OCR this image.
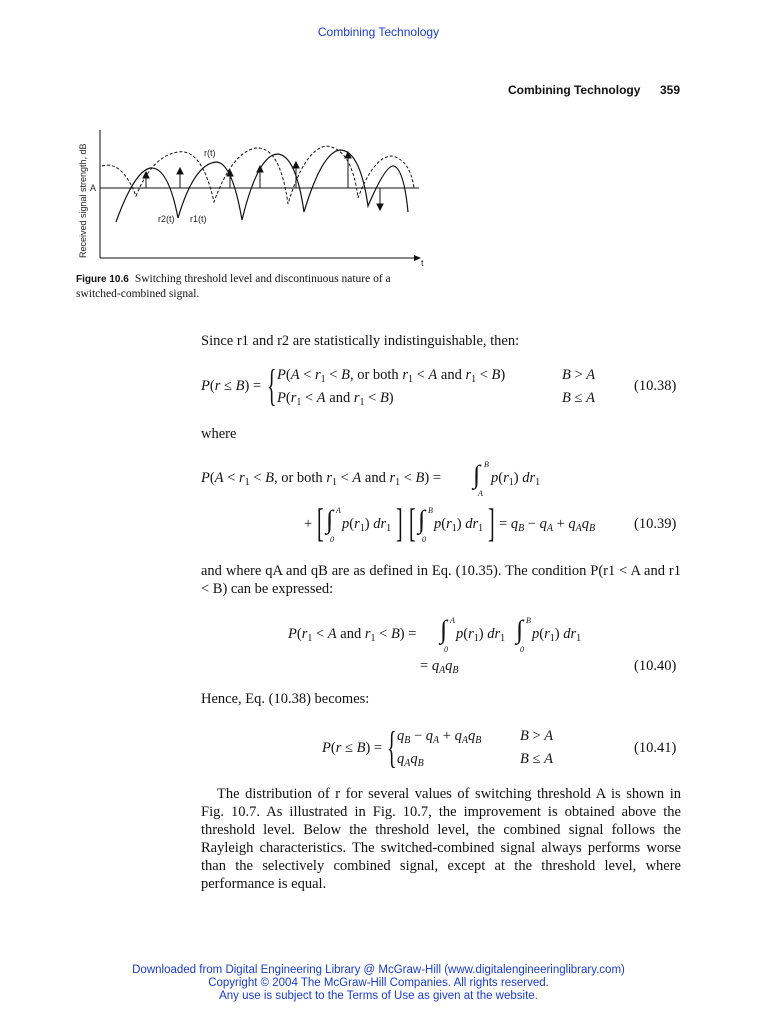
Combining Technology
Combining Technology 359
Received signal strength, dB
t
A
r(t)
r2(t) r1(t)
Figure 10.6 Switching threshold level and discontinuous nature of a switched-combined signal.
Since r1 and r2 are statistically indistinguishable, then:
P(r ≤ B) = { $P(A < r_1 < B$, or both $r_1 < A$ and $r_1 < B$)	B > A
$P(r_1 < A$ and $r_1 < B$)	B ≤ A
(10.38)
where
$P(A < r_1 < B$, or both $r_1 < A$ and $r_1 < B$) = ∫ B
A
$p(r_1)$ $dr_1$
+ [ ∫ A
0
$p(r_1)$ $dr_1$ ] [ ∫ B
0
$p(r_1)$ $dr_1$ ] = $q_B - q_A + q_Aq_B$	(10.39)
and where qA and qB are as defined in Eq. (10.35). The condition P(r1 < A and r1 < B) can be expressed:
$P(r_1 < A$ and $r_1 < B$) = ∫ A
0
$p(r_1)$ $dr_1$ ∫ B
0
$p(r_1)$ $dr_1$
= $q_Aq_B$	(10.40)
Hence, Eq. (10.38) becomes:
P(r ≤ B) = { $q_B - q_A + q_Aq_B$	B > A
$q_Aq_B$	B ≤ A
(10.41)
The distribution of r for several values of switching threshold A is shown in Fig. 10.7. As illustrated in Fig. 10.7, the improvement is obtained above the threshold level. Below the threshold level, the combined signal follows the Rayleigh characteristics. The switched-combined signal always performs worse than the selectively combined signal, except at the threshold level, where performance is equal.
Downloaded from Digital Engineering Library @ McGraw-Hill (www.digitalengineeringlibrary.com)
Copyright © 2004 The McGraw-Hill Companies. All rights reserved.
Any use is subject to the Terms of Use as given at the website.
